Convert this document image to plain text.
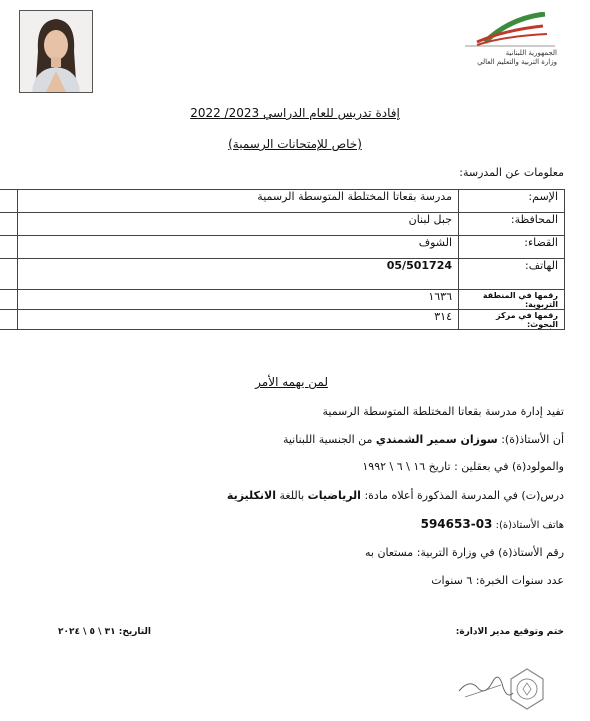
الجمهورية اللبنانية
وزارة التربية والتعليم العالي
إفادة تدريس للعام الدراسي 2023/ 2022
(خاص للإمتحانات الرسمية)
معلومات عن المدرسة:
الإسم:	مدرسة بقعاتا المختلطة المتوسطة الرسمية	
المحافظة:	جبل لبنان	
القضاء:	الشوف	
الهاتف:	05/501724	
رقمها في المنطقة التربوية:	١٦٣٦	
رقمها في مركز البحوث:	٣١٤	
لمن يهمه الأمر
تفيد إدارة مدرسة بقعاتا المختلطة المتوسطة الرسمية
أن الأستاذ(ة): سوزان سمير الشمندي من الجنسية اللبنانية
والمولود(ة) في بعقلين : تاريخ ١٦ \ ٦ \ ١٩٩٢
درس(ت) في المدرسة المذكورة أعلاه مادة: الرياضيات باللغة الانكليزية
هاتف الأستاذ(ة): 03-594653
رقم الأستاذ(ة) في وزارة التربية: مستعان به
عدد سنوات الخبرة: ٦ سنوات
ختم وتوقيع مدير الادارة:
التاريخ: ٣١ \ ٥ \ ٢٠٢٤
